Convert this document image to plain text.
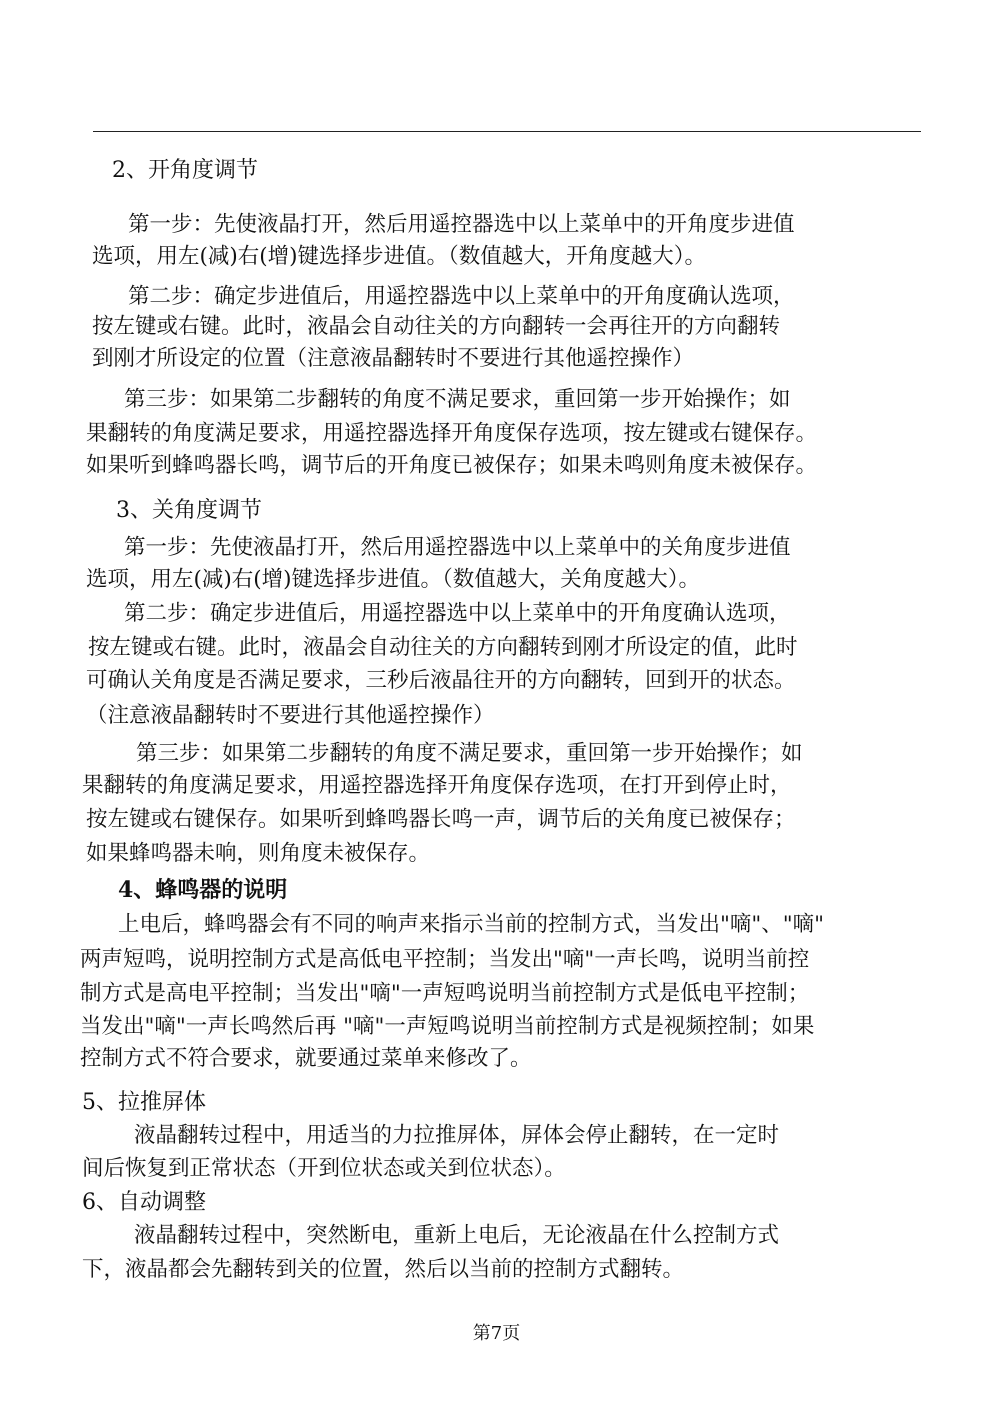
2、开角度调节
第一步：先使液晶打开，然后用遥控器选中以上菜单中的开角度步进值
选项，用左(减)右(增)键选择步进值。（数值越大，开角度越大）。
第二步：确定步进值后，用遥控器选中以上菜单中的开角度确认选项，
按左键或右键。此时，液晶会自动往关的方向翻转一会再往开的方向翻转
到刚才所设定的位置（注意液晶翻转时不要进行其他遥控操作）
第三步：如果第二步翻转的角度不满足要求，重回第一步开始操作；如
果翻转的角度满足要求，用遥控器选择开角度保存选项，按左键或右键保存。
如果听到蜂鸣器长鸣，调节后的开角度已被保存；如果未鸣则角度未被保存。
3、关角度调节
第一步：先使液晶打开，然后用遥控器选中以上菜单中的关角度步进值
选项，用左(减)右(增)键选择步进值。（数值越大，关角度越大）。
第二步：确定步进值后，用遥控器选中以上菜单中的开角度确认选项，
按左键或右键。此时，液晶会自动往关的方向翻转到刚才所设定的值，此时
可确认关角度是否满足要求，三秒后液晶往开的方向翻转，回到开的状态。
（注意液晶翻转时不要进行其他遥控操作）
第三步：如果第二步翻转的角度不满足要求，重回第一步开始操作；如
果翻转的角度满足要求，用遥控器选择开角度保存选项，在打开到停止时，
按左键或右键保存。如果听到蜂鸣器长鸣一声，调节后的关角度已被保存；
如果蜂鸣器未响，则角度未被保存。
4、蜂鸣器的说明
上电后，蜂鸣器会有不同的响声来指示当前的控制方式，当发出"嘀"、"嘀"
两声短鸣，说明控制方式是高低电平控制；当发出"嘀"一声长鸣，说明当前控
制方式是高电平控制；当发出"嘀"一声短鸣说明当前控制方式是低电平控制；
当发出"嘀"一声长鸣然后再 "嘀"一声短鸣说明当前控制方式是视频控制；如果
控制方式不符合要求，就要通过菜单来修改了。
5、拉推屏体
液晶翻转过程中，用适当的力拉推屏体，屏体会停止翻转，在一定时
间后恢复到正常状态（开到位状态或关到位状态）。
6、自动调整
液晶翻转过程中，突然断电，重新上电后，无论液晶在什么控制方式
下，液晶都会先翻转到关的位置，然后以当前的控制方式翻转。
第7页
